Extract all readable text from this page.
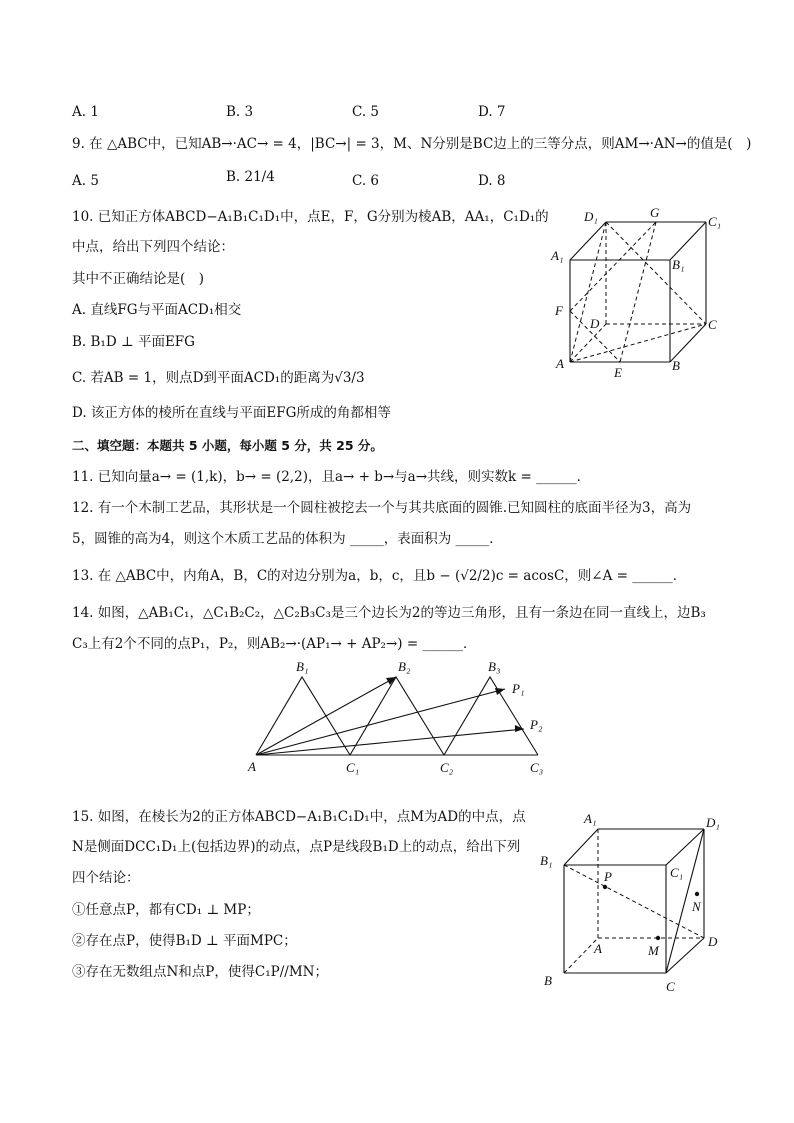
A. 1	B. 3	C. 5	D. 7
9. 在 △ABC中，已知AB→·AC→ = 4，|BC→| = 3，M、N分别是BC边上的三等分点，则AM→·AN→的值是(　)
A. 5	B. 21/4	C. 6	D. 8
10. 已知正方体ABCD−A₁B₁C₁D₁中，点E，F，G分别为棱AB，AA₁，C₁D₁的
中点，给出下列四个结论：
其中不正确结论是(　)
A. 直线FG与平面ACD₁相交
B. B₁D ⊥ 平面EFG
C. 若AB = 1，则点D到平面ACD₁的距离为√3/3
D. 该正方体的棱所在直线与平面EFG所成的角都相等
D₁	G
C₁
A₁
B₁
F
D	C
A
E	B
二、填空题：本题共 5 小题，每小题 5 分，共 25 分。
11. 已知向量a→ = (1,k)，b→ = (2,2)，且a→ + b→与a→共线，则实数k = ______．
12. 有一个木制工艺品，其形状是一个圆柱被挖去一个与其共底面的圆锥.已知圆柱的底面半径为3，高为
5，圆锥的高为4，则这个木质工艺品的体积为 _____，表面积为 _____．
13. 在 △ABC中，内角A，B，C的对边分别为a，b，c，且b − (√2/2)c = acosC，则∠A = ______．
14. 如图，△AB₁C₁，△C₁B₂C₂，△C₂B₃C₃是三个边长为2的等边三角形，且有一条边在同一直线上，边B₃
C₃上有2个不同的点P₁，P₂，则AB₂→·(AP₁→ + AP₂→) = ______．
B₁	B₂	B₃
P₁
P₂
A	C₁	C₂	C₃
15. 如图，在棱长为2的正方体ABCD−A₁B₁C₁D₁中，点M为AD的中点，点
N是侧面DCC₁D₁上(包括边界)的动点，点P是线段B₁D上的动点，给出下列
四个结论：
①任意点P，都有CD₁ ⊥ MP；
②存在点P，使得B₁D ⊥ 平面MPC；
③存在无数组点N和点P，使得C₁P//MN；
A₁	D₁
B₁
C₁
P
N
A	M
D
B	C
